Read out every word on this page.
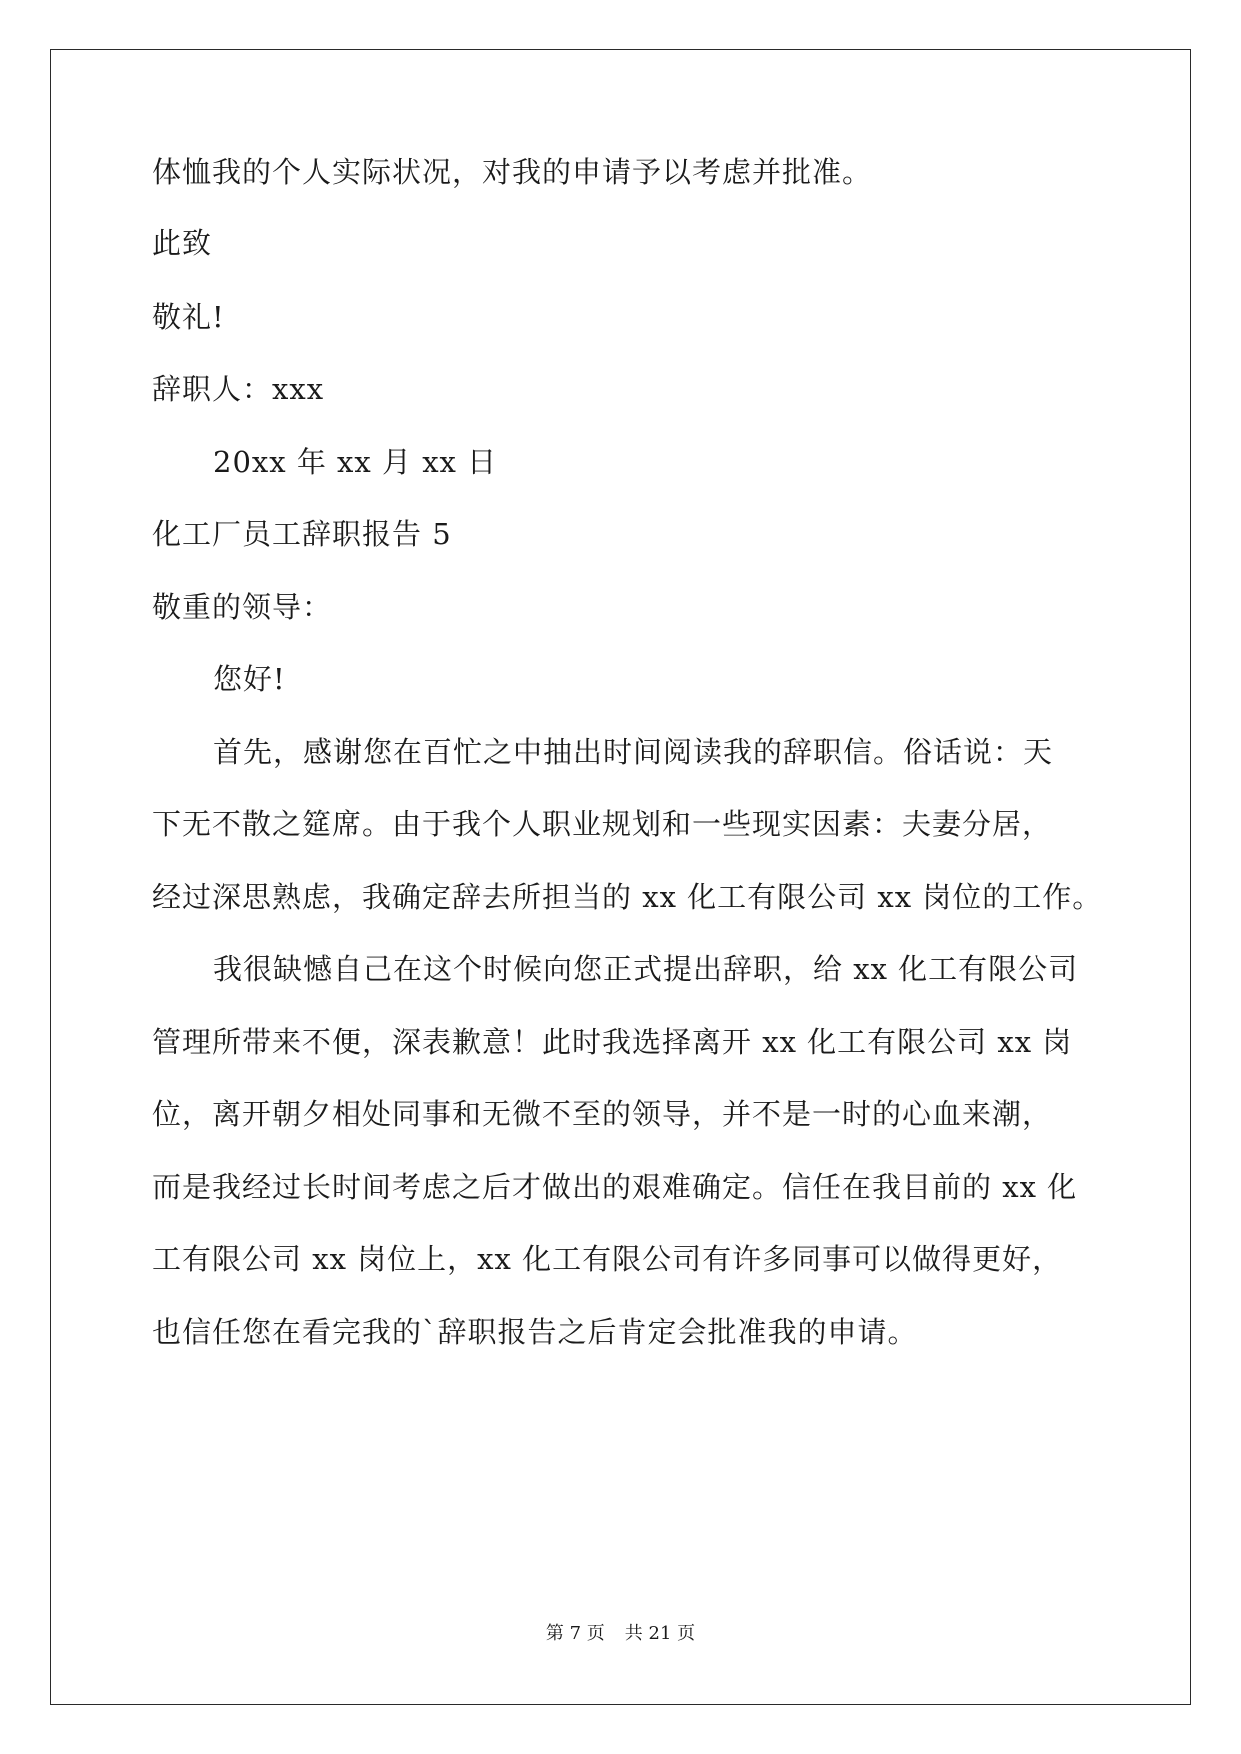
体恤我的个人实际状况，对我的申请予以考虑并批准。
此致
敬礼!
辞职人：xxx
20xx 年 xx 月 xx 日
化工厂员工辞职报告 5
敬重的领导：
您好!
首先，感谢您在百忙之中抽出时间阅读我的辞职信。俗话说：天
下无不散之筵席。由于我个人职业规划和一些现实因素：夫妻分居，
经过深思熟虑，我确定辞去所担当的 xx 化工有限公司 xx 岗位的工作。
我很缺憾自己在这个时候向您正式提出辞职，给 xx 化工有限公司
管理所带来不便，深表歉意！此时我选择离开 xx 化工有限公司 xx 岗
位，离开朝夕相处同事和无微不至的领导，并不是一时的心血来潮，
而是我经过长时间考虑之后才做出的艰难确定。信任在我目前的 xx 化
工有限公司 xx 岗位上，xx 化工有限公司有许多同事可以做得更好，
也信任您在看完我的`辞职报告之后肯定会批准我的申请。
第 7 页 共 21 页
